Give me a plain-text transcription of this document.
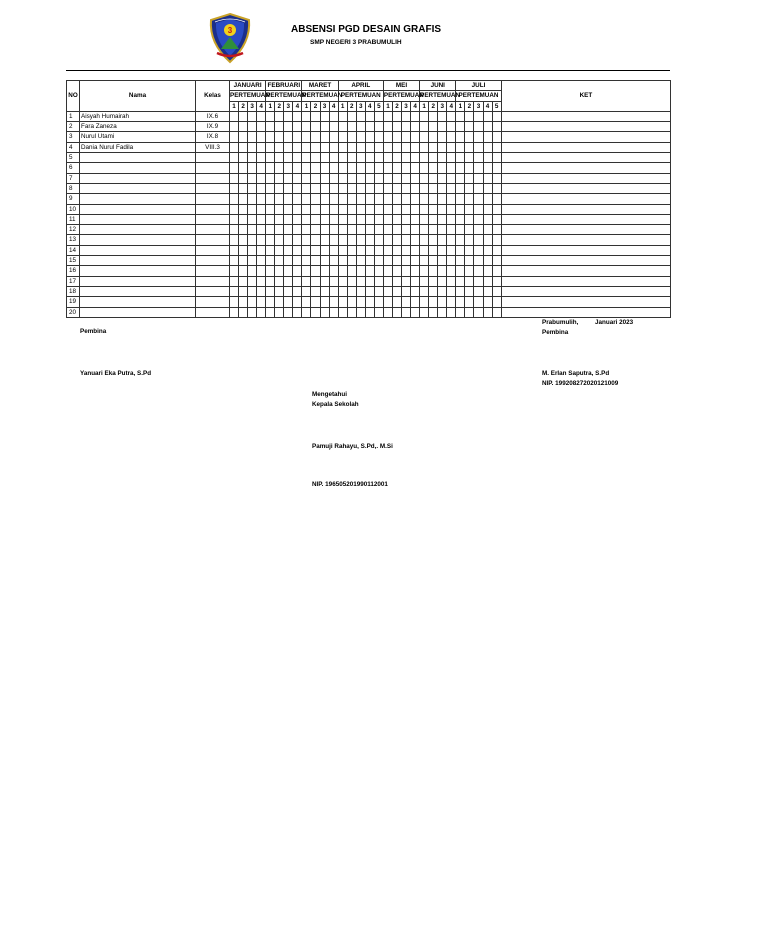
3	ABSENSI PGD DESAIN GRAFIS
SMP NEGERI 3 PRABUMULIH
NO	Nama	Kelas	JANUARI				FEBRUARI				MARET				APRIL					MEI				JUNI				JULI					KET
			PERTEMUAN				PERTEMUAN				PERTEMUAN				PERTEMUAN					PERTEMUAN				PERTEMUAN				PERTEMUAN					
			1	2	3	4	1	2	3	4	1	2	3	4	1	2	3	4	5	1	2	3	4	1	2	3	4	1	2	3	4	5	
1	Aisyah Humairah	IX.6																															
2	Fara Zaneza	IX.9																															
3	Nurul Utami	IX.8																															
4	Dania Nurul Fadila	VIII.3																															
5																																	
6																																	
7																																	
8																																	
9																																	
10																																	
11																																	
12																																	
13																																	
14																																	
15																																	
16																																	
17																																	
18																																	
19																																	
20																																	
Prabumulih,	Januari 2023
Pembina
Pembina
Yanuari Eka Putra, S.Pd	M. Erlan Saputra, S.Pd
NIP. 199208272020121009
Mengetahui
Kepala Sekolah
Pamuji Rahayu, S.Pd,. M.Si
NIP. 196505201990112001
